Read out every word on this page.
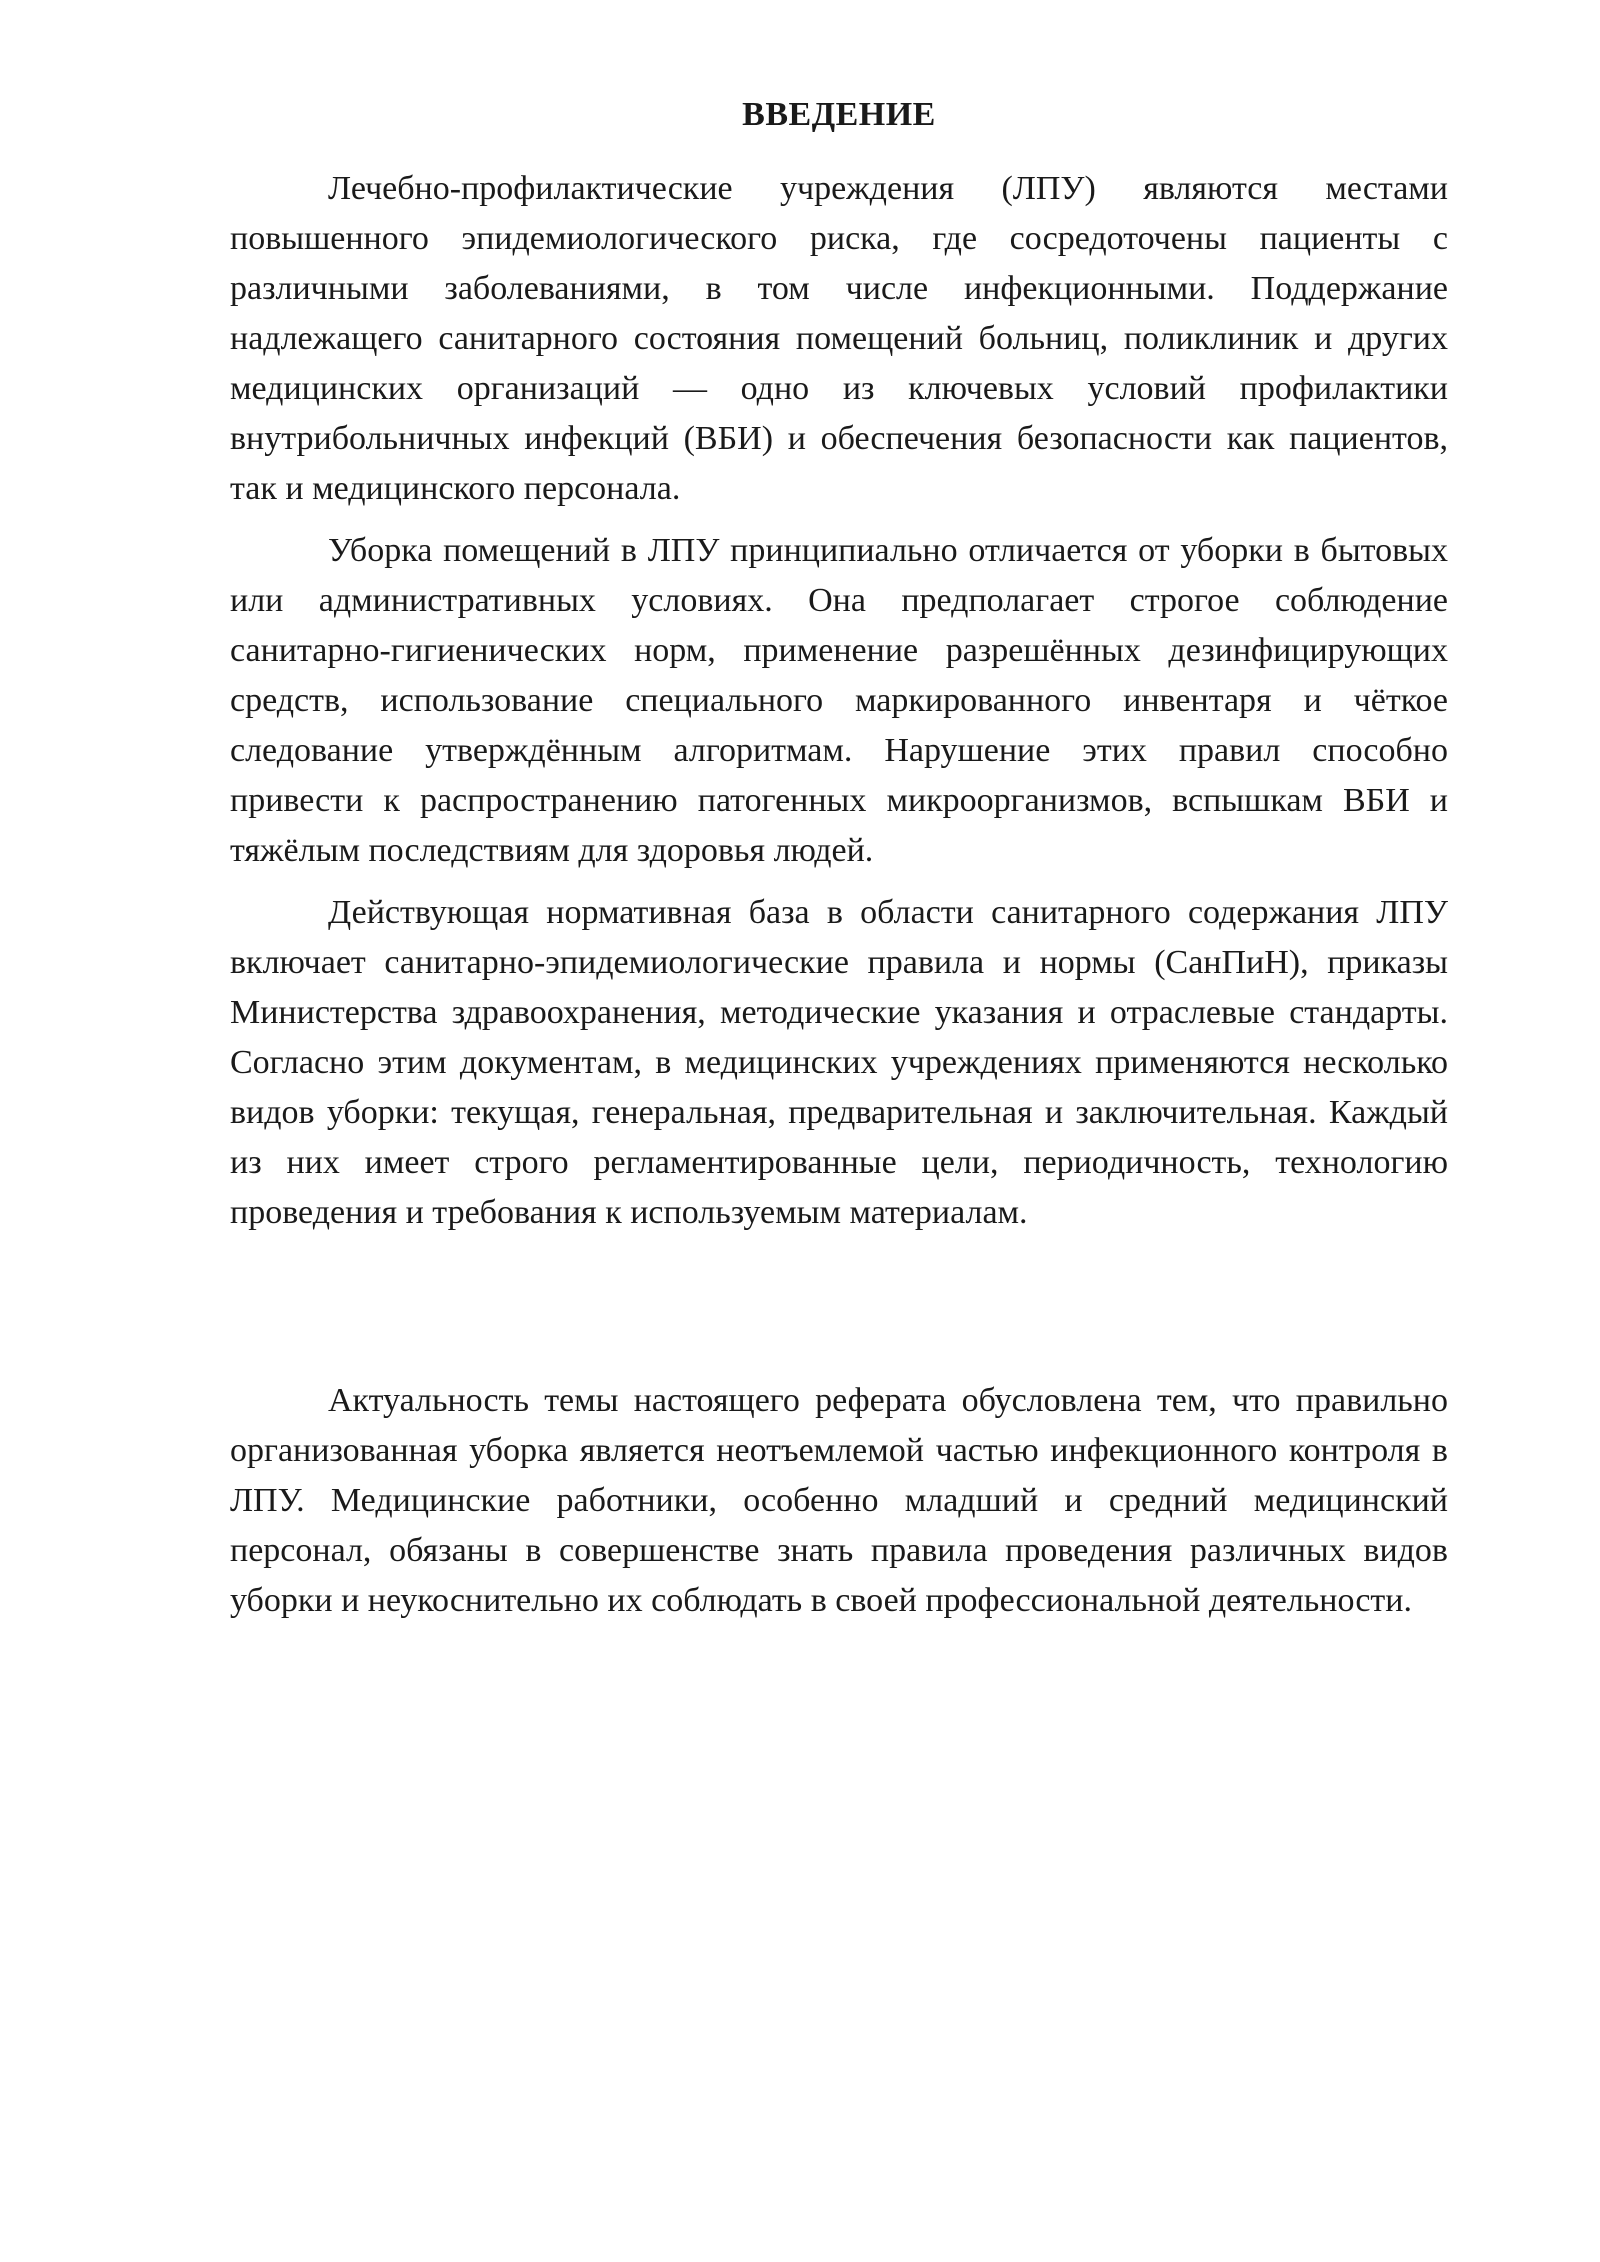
ВВЕДЕНИЕ

Лечебно-профилактические учреждения (ЛПУ) являются местами повышенного эпидемиологического риска, где сосредоточены пациенты с различными заболеваниями, в том числе инфекционными. Поддержание надлежащего санитарного состояния помещений больниц, поликлиник и других медицинских организаций — одно из ключевых условий профилактики внутрибольничных инфекций (ВБИ) и обеспечения безопасности как пациентов, так и медицинского персонала.

Уборка помещений в ЛПУ принципиально отличается от уборки в бытовых или административных условиях. Она предполагает строгое соблюдение санитарно-гигиенических норм, применение разрешённых дезинфицирующих средств, использование специального маркированного инвентаря и чёткое следование утверждённым алгоритмам. Нарушение этих правил способно привести к распространению патогенных микроорганизмов, вспышкам ВБИ и тяжёлым последствиям для здоровья людей.

Действующая нормативная база в области санитарного содержания ЛПУ включает санитарно-эпидемиологические правила и нормы (СанПиН), приказы Министерства здравоохранения, методические указания и отраслевые стандарты. Согласно этим документам, в медицинских учреждениях применяются несколько видов уборки: текущая, генеральная, предварительная и заключительная. Каждый из них имеет строго регламентированные цели, периодичность, технологию проведения и требования к используемым материалам.

Актуальность темы настоящего реферата обусловлена тем, что правильно организованная уборка является неотъемлемой частью инфекционного контроля в ЛПУ. Медицинские работники, особенно младший и средний медицинский персонал, обязаны в совершенстве знать правила проведения различных видов уборки и неукоснительно их соблюдать в своей профессиональной деятельности.
